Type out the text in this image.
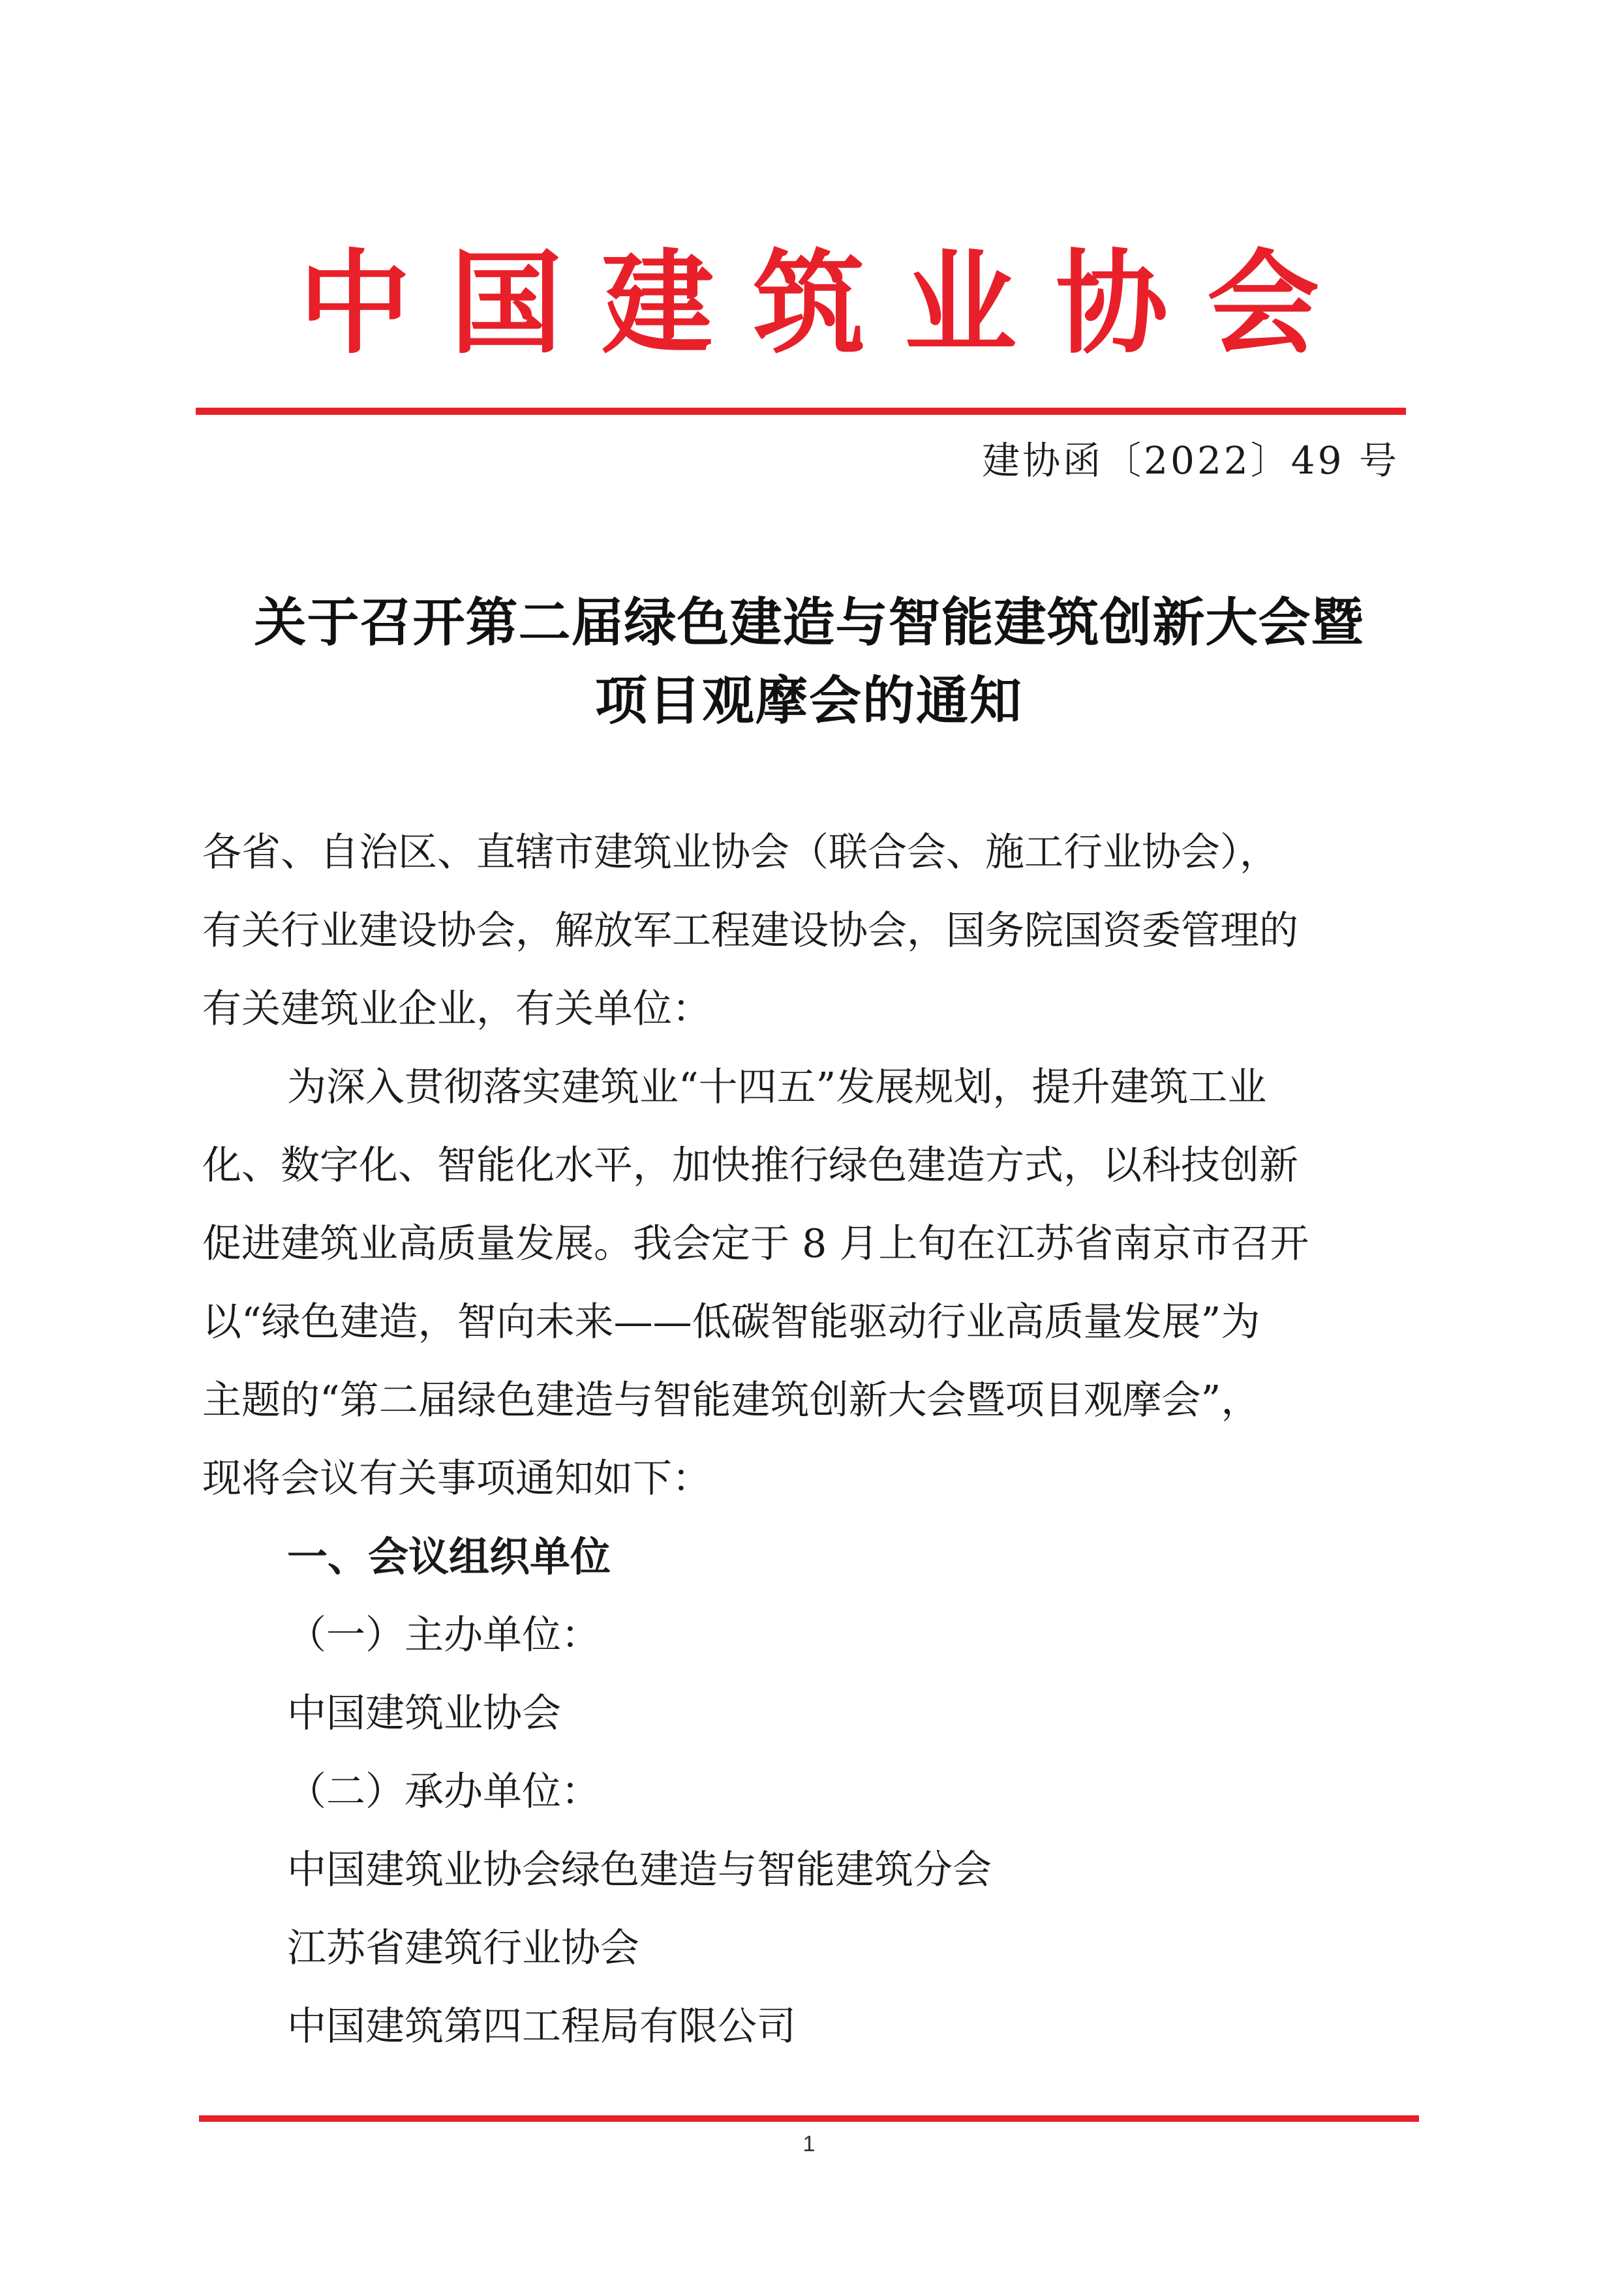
中国建筑业协会
建协函〔2022〕49 号
关于召开第二届绿色建造与智能建筑创新大会暨
项目观摩会的通知
各省、自治区、直辖市建筑业协会（联合会、施工行业协会），
有关行业建设协会，解放军工程建设协会，国务院国资委管理的
有关建筑业企业，有关单位：
为深入贯彻落实建筑业“十四五”发展规划，提升建筑工业
化、数字化、智能化水平，加快推行绿色建造方式，以科技创新
促进建筑业高质量发展。我会定于 8 月上旬在江苏省南京市召开
以“绿色建造，智向未来——低碳智能驱动行业高质量发展”为
主题的“第二届绿色建造与智能建筑创新大会暨项目观摩会”，
现将会议有关事项通知如下：
一、会议组织单位
（一）主办单位：
中国建筑业协会
（二）承办单位：
中国建筑业协会绿色建造与智能建筑分会
江苏省建筑行业协会
中国建筑第四工程局有限公司
1
